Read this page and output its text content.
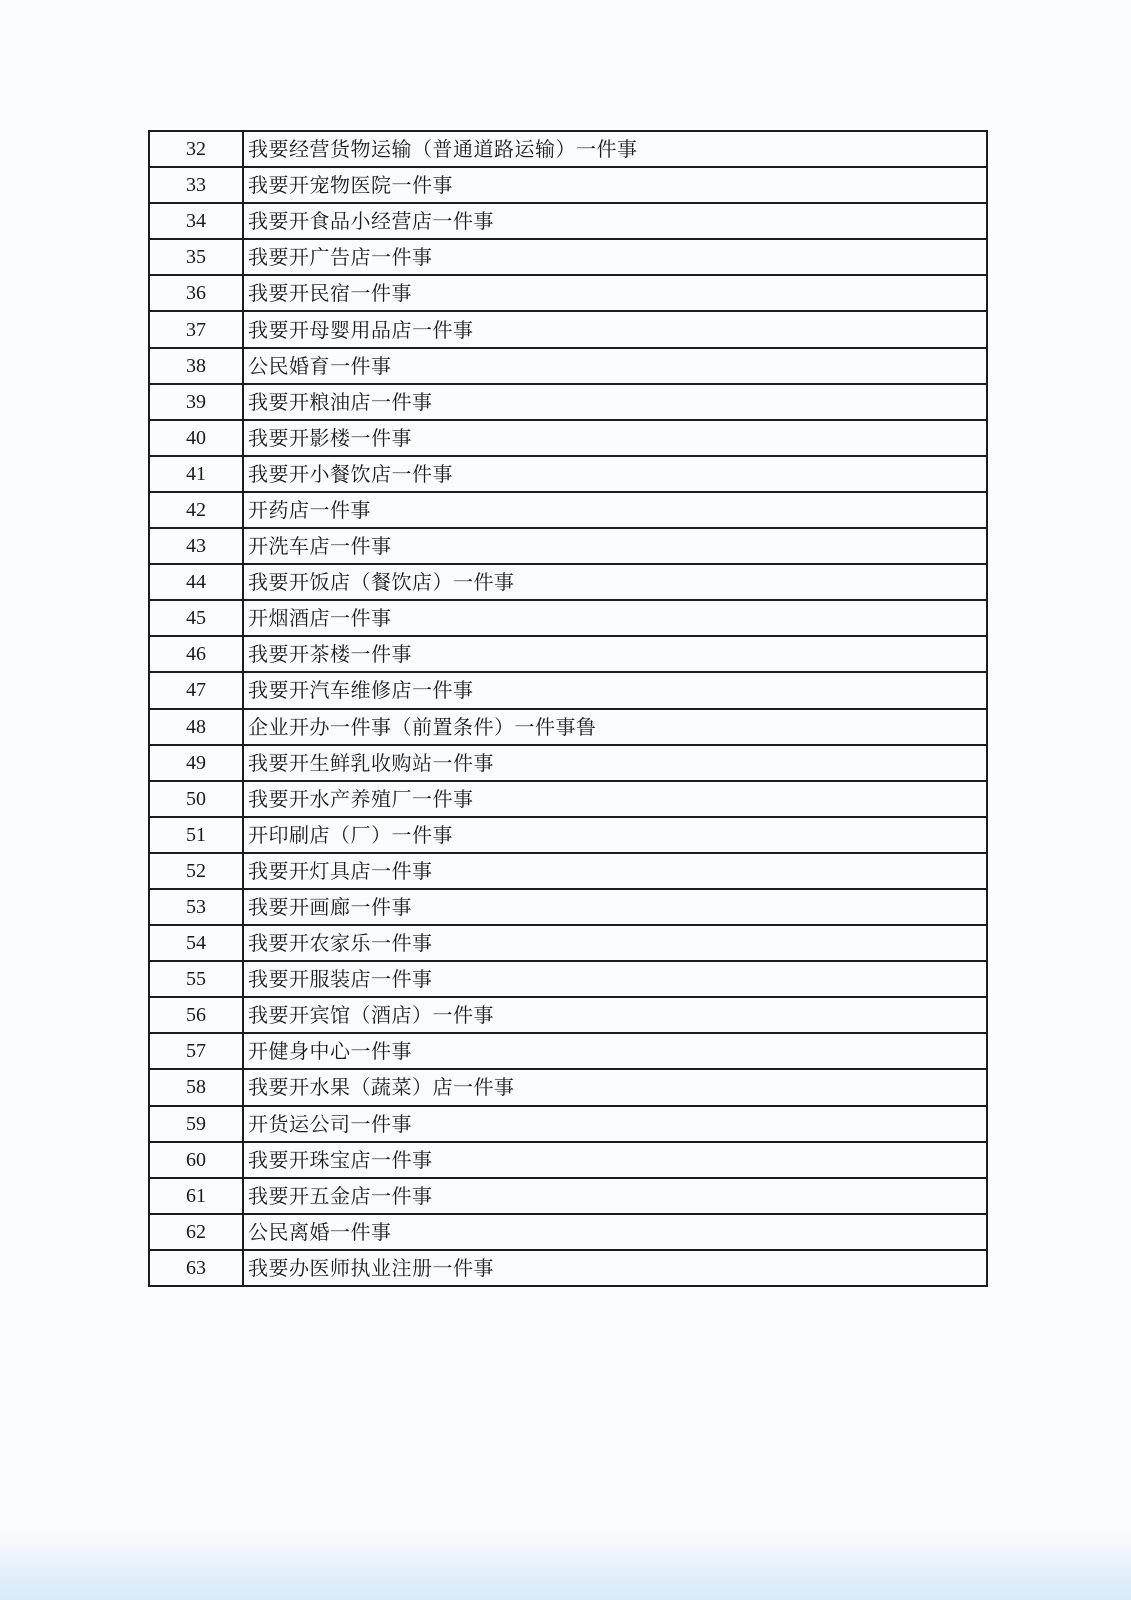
32	我要经营货物运输（普通道路运输）一件事
33	我要开宠物医院一件事
34	我要开食品小经营店一件事
35	我要开广告店一件事
36	我要开民宿一件事
37	我要开母婴用品店一件事
38	公民婚育一件事
39	我要开粮油店一件事
40	我要开影楼一件事
41	我要开小餐饮店一件事
42	开药店一件事
43	开洗车店一件事
44	我要开饭店（餐饮店）一件事
45	开烟酒店一件事
46	我要开茶楼一件事
47	我要开汽车维修店一件事
48	企业开办一件事（前置条件）一件事鲁
49	我要开生鲜乳收购站一件事
50	我要开水产养殖厂一件事
51	开印刷店（厂）一件事
52	我要开灯具店一件事
53	我要开画廊一件事
54	我要开农家乐一件事
55	我要开服装店一件事
56	我要开宾馆（酒店）一件事
57	开健身中心一件事
58	我要开水果（蔬菜）店一件事
59	开货运公司一件事
60	我要开珠宝店一件事
61	我要开五金店一件事
62	公民离婚一件事
63	我要办医师执业注册一件事
